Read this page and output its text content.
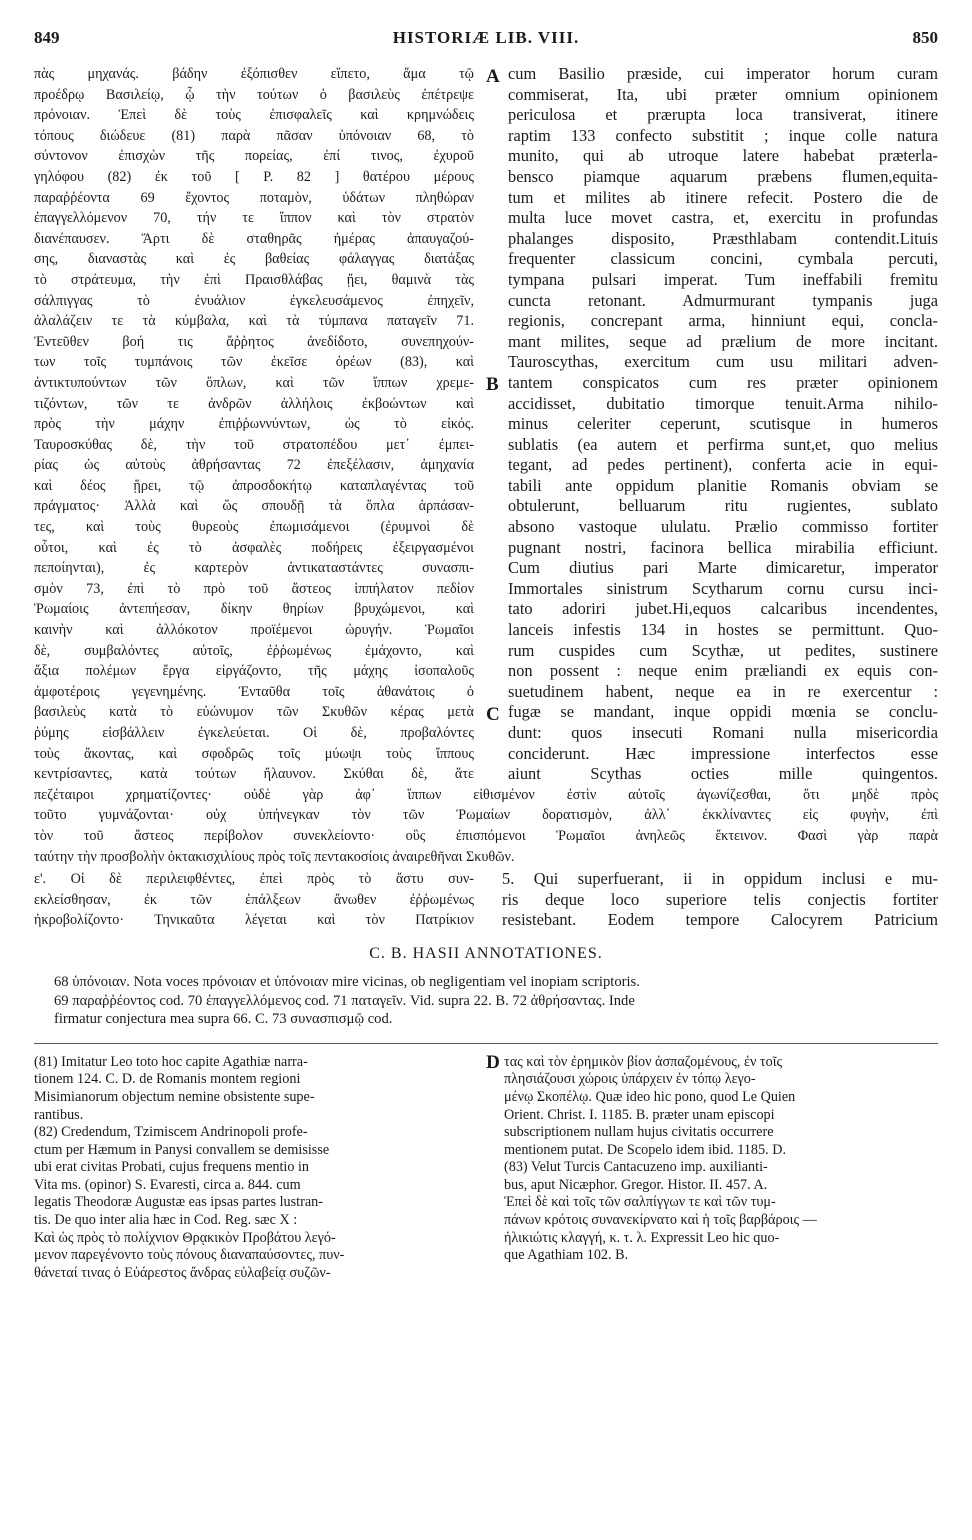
849	HISTORIÆ LIB. VIII.	850
πὰς μηχανάς. βάδην ἐξόπισθεν εἵπετο, ἅμα τῷ
προέδρῳ Βασιλείῳ, ᾧ τὴν τούτων ὁ βασιλεὺς ἐπέτρεψε
πρόνοιαν. Ἐπεὶ δὲ τοὺς ἐπισφαλεῖς καὶ κρημνώδεις
τόπους διώδευε (81) παρὰ πᾶσαν ὑπόνοιαν 68, τὸ
σύντονον ἐπισχὼν τῆς πορείας, ἐπί τινος, ἐχυροῦ
γηλόφου (82) ἐκ τοῦ [ P. 82 ] θατέρου μέρους
παραῤῥέοντα 69 ἔχοντος ποταμὸν, ὑδάτων πληθώραν
ἐπαγγελλόμενον 70, τήν τε ἵππον καὶ τὸν στρατὸν
διανέπαυσεν. Ἅρτι δὲ σταθηρᾶς ἡμέρας ἀπαυγαζού-
σης, διαναστὰς καὶ ἐς βαθείας φάλαγγας διατάξας
τὸ στράτευμα, τὴν ἐπὶ Πραισθλάβας ᾔει, θαμινὰ τὰς
σάλπιγγας τὸ ἐνυάλιον ἐγκελευσάμενος ἐπηχεῖν,
ἀλαλάζειν τε τὰ κύμβαλα, καὶ τὰ τύμπανα παταγεῖν 71.
Ἐντεῦθεν βοή τις ἄῤῥητος ἀνεδίδοτο, συνεπηχούν-
των τοῖς τυμπάνοις τῶν ἐκεῖσε ὀρέων (83), καὶ
ἀντικτυπούντων τῶν ὅπλων, καὶ τῶν ἵππων χρεμε-
τιζόντων, τῶν τε ἀνδρῶν ἀλλήλοις ἐκβοώντων καὶ
πρὸς τὴν μάχην ἐπιῤῥωννύντων, ὡς τὸ εἰκός.
Ταυροσκύθας δὲ, τὴν τοῦ στρατοπέδου μετ᾽ ἐμπει-
ρίας ὡς αὐτοὺς ἀθρήσαντας 72 ἐπεξέλασιν, ἀμηχανία
καὶ δέος ᾕρει, τῷ ἀπροσδοκήτῳ καταπλαγέντας τοῦ
πράγματος· Ἀλλὰ καὶ ὥς σπουδῇ τὰ ὅπλα ἁρπάσαν-
τες, καὶ τοὺς θυρεοὺς ἐπωμισάμενοι (ἐρυμνοὶ δὲ
οὗτοι, καὶ ἐς τὸ ἀσφαλὲς ποδήρεις ἐξειργασμένοι
πεποίηνται), ἐς καρτερὸν ἀντικαταστάντες συνασπι-
σμὸν 73, ἐπὶ τὸ πρὸ τοῦ ἄστεος ἱππήλατον πεδίον
Ῥωμαίοις ἀντεπήεσαν, δίκην θηρίων βρυχώμενοι, καὶ
καινὴν καὶ ἀλλόκοτον προϊέμενοι ὠρυγήν. Ῥωμαῖοι
δὲ, συμβαλόντες αὐτοῖς, ἐῤῥωμένως ἐμάχοντο, καὶ
ἄξια πολέμων ἔργα εἰργάζοντο, τῆς μάχης ἰσοπαλοῦς
ἀμφοτέροις γεγενημένης. Ἐνταῦθα τοῖς ἀθανάτοις ὁ
βασιλεὺς κατὰ τὸ εὐώνυμον τῶν Σκυθῶν κέρας μετὰ
ῥύμης εἰσβάλλειν ἐγκελεύεται. Οἱ δὲ, προβαλόντες
τοὺς ἄκοντας, καὶ σφοδρῶς τοῖς μύωψι τοὺς ἵππους
κεντρίσαντες, κατὰ τούτων ἤλαυνον. Σκύθαι δὲ, ἅτε
A
B
C
cum Basilio præside, cui imperator horum curam
commiserat, Ita, ubi præter omnium opinionem
periculosa et prærupta loca transiverat, itinere
raptim 133 confecto substitit ; inque colle natura
munito, qui ab utroque latere habebat præterla-
bensco piamque aquarum præbens flumen,equita-
tum et milites ab itinere refecit. Postero die de
multa luce movet castra, et, exercitu in profundas
phalanges disposito, Præsthlabam contendit.Lituis
frequenter classicum concini, cymbala percuti,
tympana pulsari imperat. Tum ineffabili fremitu
cuncta retonant. Admurmurant tympanis juga
regionis, concrepant arma, hinniunt equi, concla-
mant milites, seque ad prælium de more incitant.
Tauroscythas, exercitum cum usu militari adven-
tantem conspicatos cum res præter opinionem
accidisset, dubitatio timorque tenuit.Arma nihilo-
minus celeriter ceperunt, scutisque in humeros
sublatis (ea autem et perfirma sunt,et, quo melius
tegant, ad pedes pertinent), conferta acie in equi-
tabili ante oppidum planitie Romanis obviam se
obtulerunt, belluarum ritu rugientes, sublato
absono vastoque ululatu. Prælio commisso fortiter
pugnant nostri, facinora bellica mirabilia efficiunt.
Cum diutius pari Marte dimicaretur, imperator
Immortales sinistrum Scytharum cornu cursu inci-
tato adoriri jubet.Hi,equos calcaribus incendentes,
lanceis infestis 134 in hostes se permittunt. Quo-
rum cuspides cum Scythæ, ut pedites, sustinere
non possent : neque enim præliandi ex equis con-
suetudinem habent, neque ea in re exercentur :
fugæ se mandant, inque oppidi mœnia se conclu-
dunt: quos insecuti Romani nulla misericordia
conciderunt. Hæc impressione interfectos esse
aiunt Scythas octies mille quingentos.
πεζέταιροι χρηματίζοντες· οὐδὲ γὰρ ἀφ᾽ ἵππων εἰθισμένον ἐστὶν αὐτοῖς ἀγωνίζεσθαι, ὅτι μηδὲ πρὸς
τοῦτο γυμνάζονται· οὐχ ὑπήνεγκαν τὸν τῶν Ῥωμαίων δορατισμὸν, ἀλλ᾽ ἐκκλίναντες εἰς φυγὴν, ἐπὶ
τὸν τοῦ ἄστεος περίβολον συνεκλείοντο· οὓς ἐπισπόμενοι Ῥωμαῖοι ἀνηλεῶς ἔκτεινον. Φασὶ γὰρ παρὰ
ταύτην τὴν προσβολὴν ὀκτακισχιλίους πρὸς τοῖς πεντακοσίοις ἀναιρεθῆναι Σκυθῶν.
ε'. Οἱ δὲ περιλειφθέντες, ἐπεὶ πρὸς τὸ ἄστυ συν-
εκλείσθησαν, ἐκ τῶν ἐπάλξεων ἄνωθεν ἐῤῥωμένως
ἠκροβολίζοντο· Τηνικαῦτα λέγεται καὶ τὸν Πατρίκιον
5. Qui superfuerant, ii in oppidum inclusi e mu-
ris deque loco superiore telis conjectis fortiter
resistebant. Eodem tempore Calocyrem Patricium
C. B. HASII ANNOTATIONES.
68 ὑπόνοιαν. Nota voces πρόνοιαν et ὑπόνοιαν mire vicinas, ob negligentiam vel inopiam scriptoris.
69 παραῤῥέοντος cod. 70 ἐπαγγελλόμενος cod. 71 παταγεῖν. Vid. supra 22. B. 72 ἀθρήσαντας. Inde
firmatur conjectura mea supra 66. C. 73 συνασπισμῷ cod.
(81) Imitatur Leo toto hoc capite Agathiæ narra-
tionem 124. C. D. de Romanis montem regioni
Misimianorum objectum nemine obsistente supe-
rantibus.
(82) Credendum, Tzimiscem Andrinopoli profe-
ctum per Hæmum in Panysi convallem se demisisse
ubi erat civitas Probati, cujus frequens mentio in
Vita ms. (opinor) S. Evaresti, circa a. 844. cum
legatis Theodoræ Augustæ eas ipsas partes lustran-
tis. De quo inter alia hæc in Cod. Reg. sæc X :
Καὶ ὡς πρὸς τὸ πολίχνιον Θρᾳκικὸν Προβάτου λεγό-
μενον παρεγένοντο τοὺς πόνους διαναπαύσοντες, πυν-
θάνεταί τινας ὁ Εὐάρεστος ἄνδρας εὐλαβείᾳ συζῶν-
D τας καὶ τὸν ἐρημικὸν βίον ἀσπαζομένους, ἐν τοῖς
πλησιάζουσι χώροις ὑπάρχειν ἐν τόπῳ λεγο-
μένῳ Σκοπέλῳ. Quæ ideo hic pono, quod Le Quien
Orient. Christ. I. 1185. B. præter unam episcopi
subscriptionem nullam hujus civitatis occurrere
mentionem putat. De Scopelo idem ibid. 1185. D.
(83) Velut Turcis Cantacuzeno imp. auxilianti-
bus, aput Nicæphor. Gregor. Histor. II. 457. A.
Ἐπεὶ δὲ καὶ τοῖς τῶν σαλπίγγων τε καὶ τῶν τυμ-
πάνων κρότοις συνανεκίρνατο καὶ ἡ τοῖς βαρβάροις —
ἠλικιώτις κλαγγή, κ. τ. λ. Expressit Leo hic quo-
que Agathiam 102. B.
